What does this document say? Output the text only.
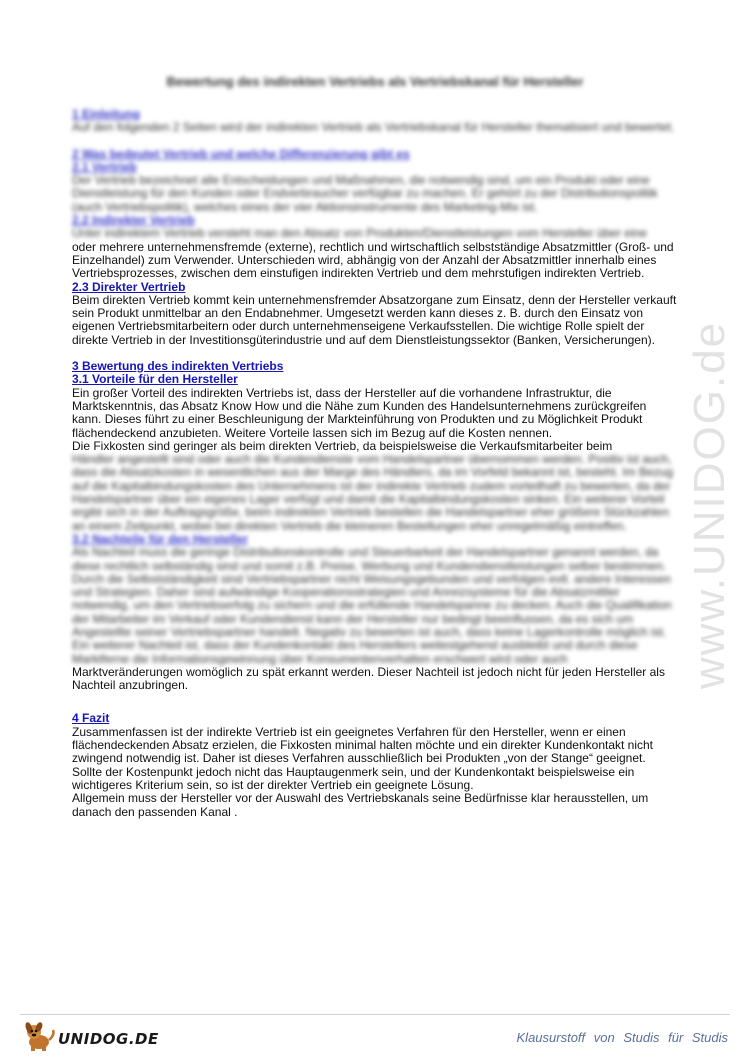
www.UNIDOG.de
Bewertung des indirekten Vertriebs als Vertriebskanal für Hersteller
1 Einleitung

Auf den folgenden 2 Seiten wird der indirekten Vertrieb als Vertriebskanal für Hersteller thematisiert und bewertet.

2 Was bedeutet Vertrieb und welche Differenzierung gibt es
2.1 Vertrieb

Der Vertrieb bezeichnet alle Entscheidungen und Maßnahmen, die notwendig sind, um ein Produkt oder eine Dienstleistung für den Kunden oder Endverbraucher verfügbar zu machen. Er gehört zu der Distributionspolitik (auch Vertriebspolitik), welches eines der vier Aktionsinstrumente des Marketing-Mix ist.

2.2 Indirekter Vertrieb

Unter indirektem Vertrieb versteht man den Absatz von Produkten/Dienstleistungen vom Hersteller über eine

oder mehrere unternehmensfremde (externe), rechtlich und wirtschaftlich selbstständige Absatzmittler (Groß- und Einzelhandel) zum Verwender. Unterschieden wird, abhängig von der Anzahl der Absatzmittler innerhalb eines Vertriebsprozesses, zwischen dem einstufigen indirekten Vertrieb und dem mehrstufigen indirekten Vertrieb.

2.3 Direkter Vertrieb

Beim direkten Vertrieb kommt kein unternehmensfremder Absatzorgane zum Einsatz, denn der Hersteller verkauft sein Produkt unmittelbar an den Endabnehmer. Umgesetzt werden kann dieses z. B. durch den Einsatz von eigenen Vertriebsmitarbeitern oder durch unternehmenseigene Verkaufsstellen. Die wichtige Rolle spielt der direkte Vertrieb in der Investitionsgüterindustrie und auf dem Dienstleistungssektor (Banken, Versicherungen).

3 Bewertung des indirekten Vertriebs
3.1 Vorteile für den Hersteller

Ein großer Vorteil des indirekten Vertriebs ist, dass der Hersteller auf die vorhandene Infrastruktur, die Marktskenntnis, das Absatz Know How und die Nähe zum Kunden des Handelsunternehmens zurückgreifen kann. Dieses führt zu einer Beschleunigung der Markteinführung von Produkten und zu Möglichkeit Produkt flächendeckend anzubieten. Weitere Vorteile lassen sich im Bezug auf die Kosten nennen.

Die Fixkosten sind geringer als beim direkten Vertrieb, da beispielsweise die Verkaufsmitarbeiter beim

Händler angestellt sind oder auch die Kundendienste vom Handelspartner übernommen werden. Positiv ist auch, dass die Absatzkosten in wesentlichen aus der Marge des Händlers, da im Vorfeld bekannt ist, besteht. Im Bezug auf die Kapitalbindungskosten des Unternehmens ist der indirekte Vertrieb zudem vorteilhaft zu bewerten, da der Handelspartner über ein eigenes Lager verfügt und damit die Kapitalbindungskosten sinken. Ein weiterer Vorteil ergibt sich in der Auftragsgröße, beim indirekten Vertrieb bestellen die Handelspartner eher größere Stückzahlen an einem Zeitpunkt, wobei bei direkten Vertrieb die kleineren Bestellungen eher unregelmäßig eintreffen.

3.2 Nachteile für den Hersteller

Als Nachteil muss die geringe Distributionskontrolle und Steuerbarkeit der Handelspartner genannt werden, da diese rechtlich selbständig sind und somit z.B. Preise, Werbung und Kundendienstleistungen selber bestimmen. Durch die Selbstständigkeit sind Vertriebspartner nicht Weisungsgebunden und verfolgen evtl. andere Interessen und Strategien. Daher sind aufwändige Kooperationsstrategien und Anreizsysteme für die Absatzmittler notwendig, um den Vertriebserfolg zu sichern und die erfüllende Handelspanne zu decken. Auch die Qualifikation der Mitarbeiter im Verkauf oder Kundendienst kann der Hersteller nur bedingt beeinflussen, da es sich um Angestellte seiner Vertriebspartner handelt. Negativ zu bewerten ist auch, dass keine Lagerkontrolle möglich ist.

Ein weiterer Nachteil ist, dass der Kundenkontakt des Herstellers weitestgehend ausbleibt und durch diese Marktferne die Informationsgewinnung über Konsumentenverhalten erschwert wird oder auch

Marktveränderungen womöglich zu spät erkannt werden. Dieser Nachteil ist jedoch nicht für jeden Hersteller als Nachteil anzubringen.

4 Fazit

Zusammenfassen ist der indirekte Vertrieb ist ein geeignetes Verfahren für den Hersteller, wenn er einen flächendeckenden Absatz erzielen, die Fixkosten minimal halten möchte und ein direkter Kundenkontakt nicht zwingend notwendig ist. Daher ist dieses Verfahren ausschließlich bei Produkten „von der Stange“ geeignet. Sollte der Kostenpunkt jedoch nicht das Hauptaugenmerk sein, und der Kundenkontakt beispielsweise ein wichtigeres Kriterium sein, so ist der direkter Vertrieb ein geeignete Lösung.

Allgemein muss der Hersteller vor der Auswahl des Vertriebskanals seine Bedürfnisse klar herausstellen, um danach den passenden Kanal .

UNIDOG.DE	Klausurstoff von Studis für Studis
